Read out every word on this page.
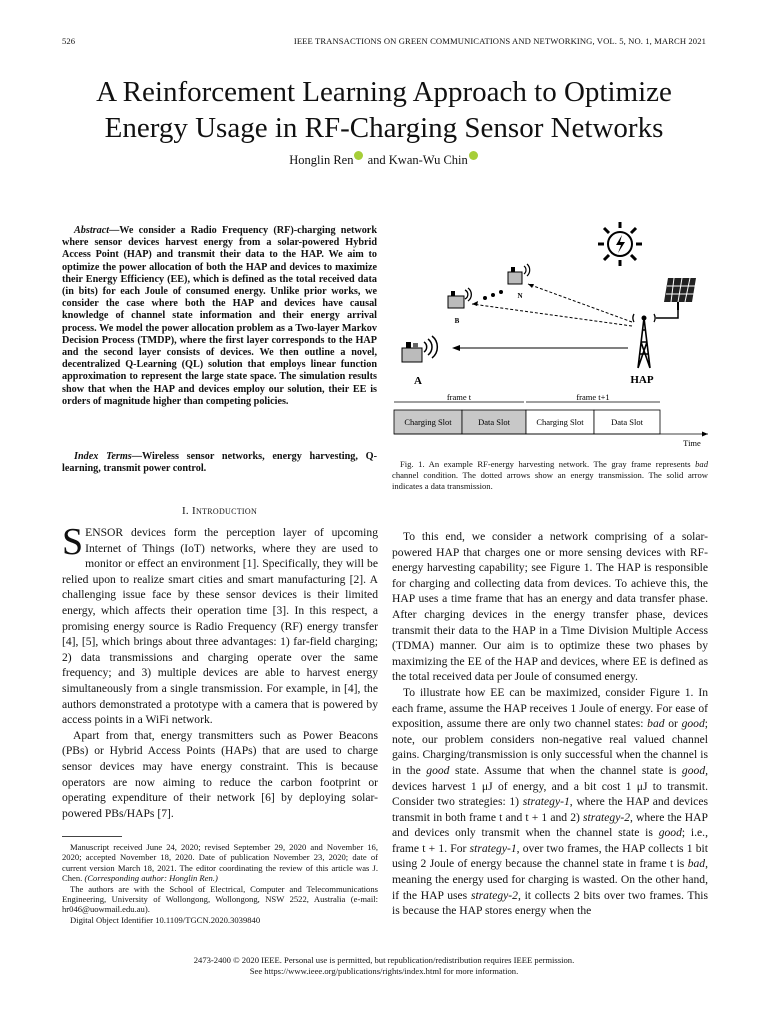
526	IEEE TRANSACTIONS ON GREEN COMMUNICATIONS AND NETWORKING, VOL. 5, NO. 1, MARCH 2021
A Reinforcement Learning Approach to Optimize
Energy Usage in RF-Charging Sensor Networks
Honglin Ren and Kwan-Wu Chin
Abstract—We consider a Radio Frequency (RF)-charging network where sensor devices harvest energy from a solar-powered Hybrid Access Point (HAP) and transmit their data to the HAP. We aim to optimize the power allocation of both the HAP and devices to maximize their Energy Efficiency (EE), which is defined as the total received data (in bits) for each Joule of consumed energy. Unlike prior works, we consider the case where both the HAP and devices have causal knowledge of channel state information and their energy arrival process. We model the power allocation problem as a Two-layer Markov Decision Process (TMDP), where the first layer corresponds to the HAP and the second layer consists of devices. We then outline a novel, decentralized Q-Learning (QL) solution that employs linear function approximation to represent the large state space. The simulation results show that when the HAP and devices employ our solution, their EE is orders of magnitude higher than competing policies.
Index Terms—Wireless sensor networks, energy harvesting, Q-learning, transmit power control.
I. Introduction

SENSOR devices form the perception layer of upcoming Internet of Things (IoT) networks, where they are used to monitor or effect an environment [1]. Specifically, they will be relied upon to realize smart cities and smart manufacturing [2]. A challenging issue face by these sensor devices is their limited energy, which affects their operation time [3]. In this respect, a promising energy source is Radio Frequency (RF) energy transfer [4], [5], which brings about three advantages: 1) far-field charging; 2) data transmissions and charging operate over the same frequency; and 3) multiple devices are able to harvest energy simultaneously from a single transmission. For example, in [4], the authors demonstrated a prototype with a camera that is powered by access points in a WiFi network.

Apart from that, energy transmitters such as Power Beacons (PBs) or Hybrid Access Points (HAPs) that are used to charge sensor devices may have energy constraint. This is because operators are now aiming to reduce the carbon footprint or operating expenditure of their network [6] by deploying solar-powered PBs/HAPs [7].

Manuscript received June 24, 2020; revised September 29, 2020 and November 16, 2020; accepted November 18, 2020. Date of publication November 23, 2020; date of current version March 18, 2021. The editor coordinating the review of this article was J. Chen. (Corresponding author: Honglin Ren.)

The authors are with the School of Electrical, Computer and Telecommunications Engineering, University of Wollongong, Wollongong, NSW 2522, Australia (e-mail: hr046@uowmail.edu.au).

Digital Object Identifier 10.1109/TGCN.2020.3039840

A
B
N
HAP
frame t	frame t+1
Charging Slot	Data Slot	Charging Slot	Data Slot
Time
Fig. 1. An example RF-energy harvesting network. The gray frame represents bad channel condition. The dotted arrows show an energy transmission. The solid arrow indicates a data transmission.

To this end, we consider a network comprising of a solar-powered HAP that charges one or more sensing devices with RF-energy harvesting capability; see Figure 1. The HAP is responsible for charging and collecting data from devices. To achieve this, the HAP uses a time frame that has an energy and data transfer phase. After charging devices in the energy transfer phase, devices transmit their data to the HAP in a Time Division Multiple Access (TDMA) manner. Our aim is to optimize these two phases by maximizing the EE of the HAP and devices, where EE is defined as the total received data per Joule of consumed energy.

To illustrate how EE can be maximized, consider Figure 1. In each frame, assume the HAP receives 1 Joule of energy. For ease of exposition, assume there are only two channel states: bad or good; note, our problem considers non-negative real valued channel gains. Charging/transmission is only successful when the channel is in the good state. Assume that when the channel state is good, devices harvest 1 μJ of energy, and a bit cost 1 μJ to transmit. Consider two strategies: 1) strategy-1, where the HAP and devices transmit in both frame t and t + 1 and 2) strategy-2, where the HAP and devices only transmit when the channel state is good; i.e., frame t + 1. For strategy-1, over two frames, the HAP collects 1 bit using 2 Joule of energy because the channel state in frame t is bad, meaning the energy used for charging is wasted. On the other hand, if the HAP uses strategy-2, it collects 2 bits over two frames. This is because the HAP stores energy when the

2473-2400 © 2020 IEEE. Personal use is permitted, but republication/redistribution requires IEEE permission.
See https://www.ieee.org/publications/rights/index.html for more information.
